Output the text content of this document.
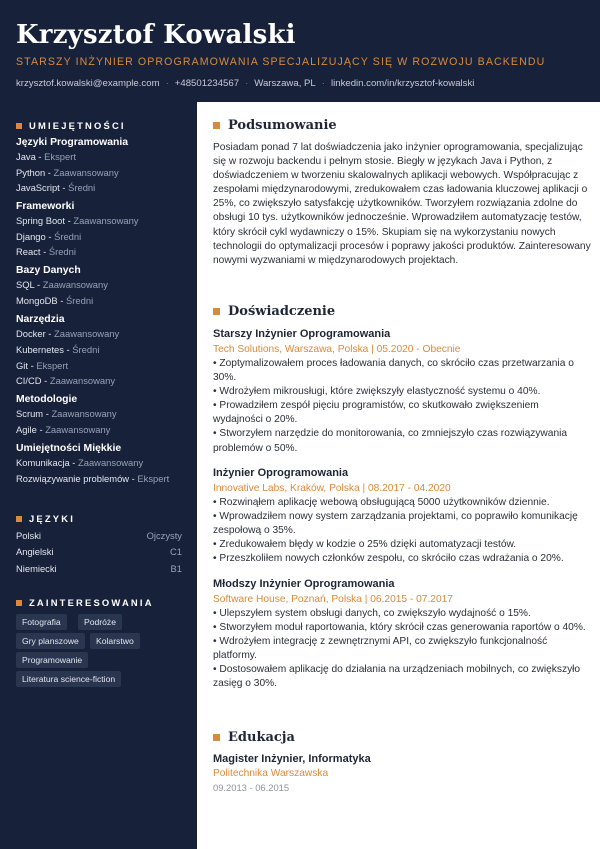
Krzysztof Kowalski
STARSZY INŻYNIER OPROGRAMOWANIA SPECJALIZUJĄCY SIĘ W ROZWOJU BACKENDU
krzysztof.kowalski@example.com · +48501234567 · Warszawa, PL · linkedin.com/in/krzysztof-kowalski
UMIEJĘTNOŚCI
Języki Programowania
Java - Ekspert
Python - Zaawansowany
JavaScript - Średni
Frameworki
Spring Boot - Zaawansowany
Django - Średni
React - Średni
Bazy Danych
SQL - Zaawansowany
MongoDB - Średni
Narzędzia
Docker - Zaawansowany
Kubernetes - Średni
Git - Ekspert
CI/CD - Zaawansowany
Metodologie
Scrum - Zaawansowany
Agile - Zaawansowany
Umiejętności Miękkie
Komunikacja - Zaawansowany
Rozwiązywanie problemów - Ekspert
JĘZYKI
Polski	Ojczysty
Angielski	C1
Niemiecki	B1
ZAINTERESOWANIA
Fotografia	Podróże
Gry planszowe	Kolarstwo
Programowanie
Literatura science-fiction
Podsumowanie
Posiadam ponad 7 lat doświadczenia jako inżynier oprogramowania, specjalizując się w rozwoju backendu i pełnym stosie. Biegły w językach Java i Python, z doświadczeniem w tworzeniu skalowalnych aplikacji webowych. Współpracując z zespołami międzynarodowymi, zredukowałem czas ładowania kluczowej aplikacji o 25%, co zwiększyło satysfakcję użytkowników. Tworzyłem rozwiązania zdolne do obsługi 10 tys. użytkowników jednocześnie. Wprowadziłem automatyzację testów, który skrócił cykl wydawniczy o 15%. Skupiam się na wykorzystaniu nowych technologii do optymalizacji procesów i poprawy jakości produktów. Zainteresowany nowymi wyzwaniami w międzynarodowych projektach.
Doświadczenie
Starszy Inżynier Oprogramowania
Tech Solutions, Warszawa, Polska | 05.2020 - Obecnie
• Zoptymalizowałem proces ładowania danych, co skróciło czas przetwarzania o 30%.
• Wdrożyłem mikrousługi, które zwiększyły elastyczność systemu o 40%.
• Prowadziłem zespół pięciu programistów, co skutkowało zwiększeniem wydajności o 20%.
• Stworzyłem narzędzie do monitorowania, co zmniejszyło czas rozwiązywania problemów o 50%.
Inżynier Oprogramowania
Innovative Labs, Kraków, Polska | 08.2017 - 04.2020
• Rozwinąłem aplikację webową obsługującą 5000 użytkowników dziennie.
• Wprowadziłem nowy system zarządzania projektami, co poprawiło komunikację zespołową o 35%.
• Zredukowałem błędy w kodzie o 25% dzięki automatyzacji testów.
• Przeszkoliłem nowych członków zespołu, co skróciło czas wdrażania o 20%.
Młodszy Inżynier Oprogramowania
Software House, Poznań, Polska | 06.2015 - 07.2017
• Ulepszyłem system obsługi danych, co zwiększyło wydajność o 15%.
• Stworzyłem moduł raportowania, który skrócił czas generowania raportów o 40%.
• Wdrożyłem integrację z zewnętrznymi API, co zwiększyło funkcjonalność platformy.
• Dostosowałem aplikację do działania na urządzeniach mobilnych, co zwiększyło zasięg o 30%.
Edukacja
Magister Inżynier, Informatyka
Politechnika Warszawska
09.2013 - 06.2015
